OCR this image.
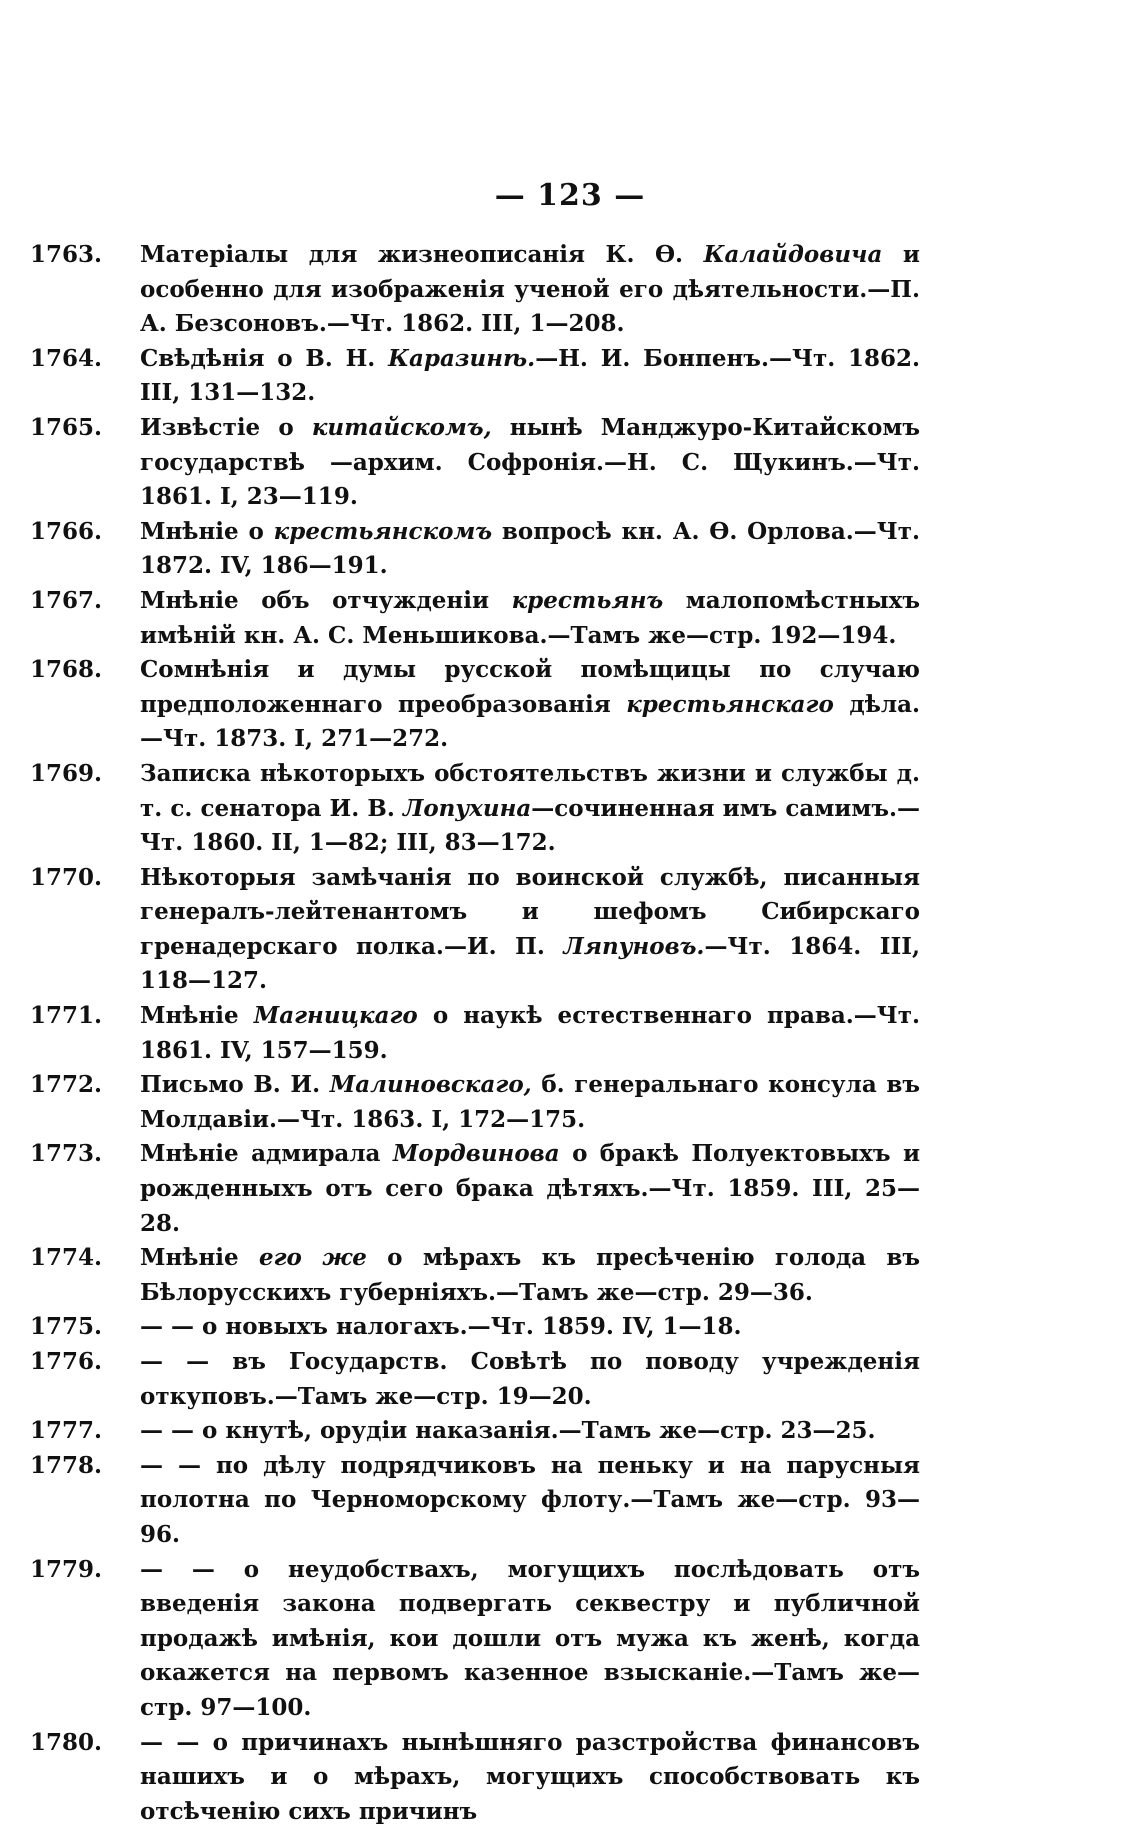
— 123 —
1763.	Матеріалы для жизнеописанія К. Ѳ. Калайдовича и особенно для изображенія ученой его дѣятельности.—П. А. Безсоновъ.—Чт. 1862. III, 1—208.
1764.	Свѣдѣнія о В. Н. Каразинѣ.—Н. И. Бонпенъ.—Чт. 1862. III, 131—132.
1765.	Извѣстіе о китайскомъ, нынѣ Манджуро-Китайскомъ государствѣ —архим. Софронія.—Н. С. Щукинъ.—Чт. 1861. I, 23—119.
1766.	Мнѣніе о крестьянскомъ вопросѣ кн. А. Ѳ. Орлова.—Чт. 1872. IV, 186—191.
1767.	Мнѣніе объ отчужденіи крестьянъ малопомѣстныхъ имѣній кн. А. С. Меньшикова.—Тамъ же—стр. 192—194.
1768.	Сомнѣнія и думы русской помѣщицы по случаю предположеннаго преобразованія крестьянскаго дѣла.—Чт. 1873. I, 271—272.
1769.	Записка нѣкоторыхъ обстоятельствъ жизни и службы д. т. с. сенатора И. В. Лопухина—сочиненная имъ самимъ.—Чт. 1860. II, 1—82; III, 83—172.
1770.	Нѣкоторыя замѣчанія по воинской службѣ, писанныя генералъ-лейтенантомъ и шефомъ Сибирскаго гренадерскаго полка.—И. П. Ляпуновъ.—Чт. 1864. III, 118—127.
1771.	Мнѣніе Магницкаго о наукѣ естественнаго права.—Чт. 1861. IV, 157—159.
1772.	Письмо В. И. Малиновскаго, б. генеральнаго консула въ Молдавіи.—Чт. 1863. I, 172—175.
1773.	Мнѣніе адмирала Мордвинова о бракѣ Полуектовыхъ и рожденныхъ отъ сего брака дѣтяхъ.—Чт. 1859. III, 25—28.
1774.	Мнѣніе его же о мѣрахъ къ пресѣченію голода въ Бѣлорусскихъ губерніяхъ.—Тамъ же—стр. 29—36.
1775.	— — о новыхъ налогахъ.—Чт. 1859. IV, 1—18.
1776.	— — въ Государств. Совѣтѣ по поводу учрежденія откуповъ.—Тамъ же—стр. 19—20.
1777.	— — о кнутѣ, орудіи наказанія.—Тамъ же—стр. 23—25.
1778.	— — по дѣлу подрядчиковъ на пеньку и на парусныя полотна по Черноморскому флоту.—Тамъ же—стр. 93—96.
1779.	— — о неудобствахъ, могущихъ послѣдовать отъ введенія закона подвергать секвестру и публичной продажѣ имѣнія, кои дошли отъ мужа къ женѣ, когда окажется на первомъ казенное взысканіе.—Тамъ же—стр. 97—100.
1780.	— — о причинахъ нынѣшняго разстройства финансовъ нашихъ и о мѣрахъ, могущихъ способствовать къ отсѣченію сихъ причинъ
